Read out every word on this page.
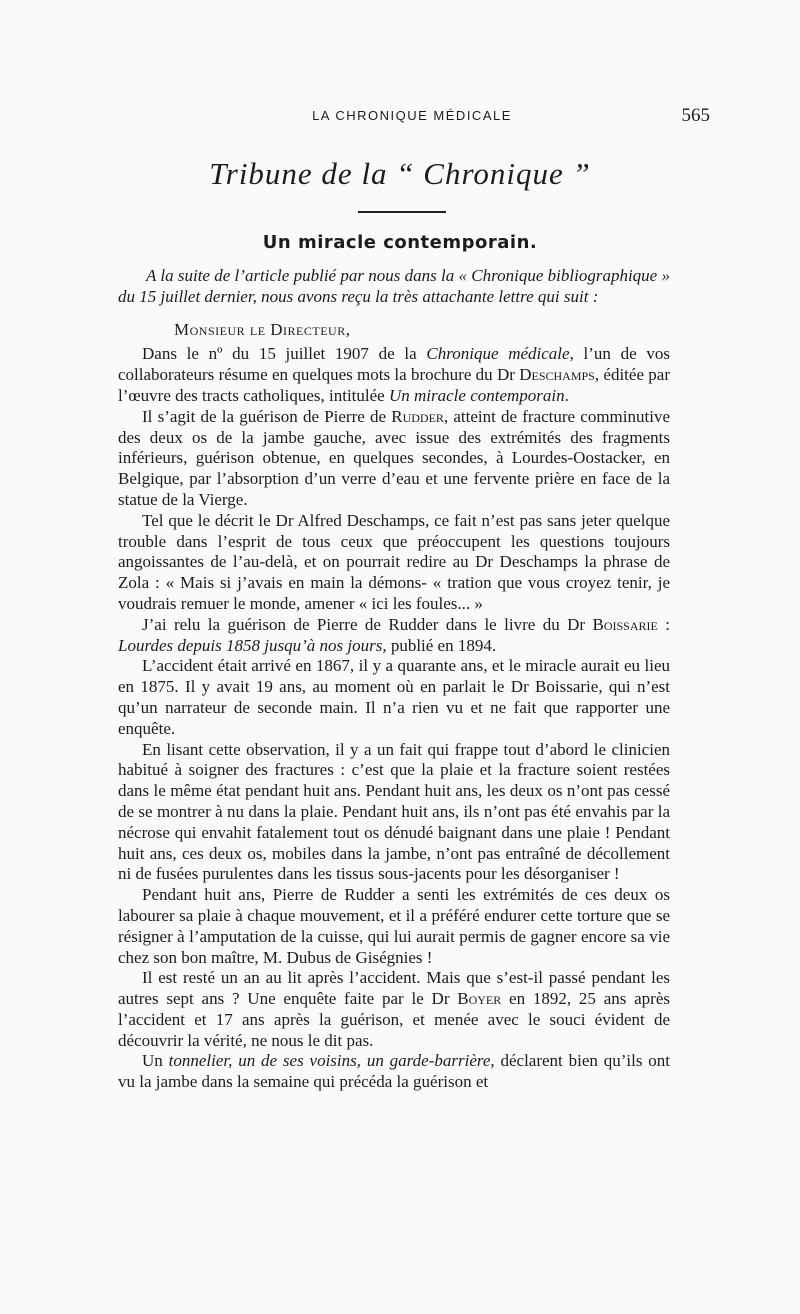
LA CHRONIQUE MÉDICALE	565
Tribune de la “ Chronique ”
Un miracle contemporain.

A la suite de l’article publié par nous dans la « Chronique bibliographique » du 15 juillet dernier, nous avons reçu la très attachante lettre qui suit :

Monsieur le Directeur,

Dans le nº du 15 juillet 1907 de la Chronique médicale, l’un de vos collaborateurs résume en quelques mots la brochure du Dr Deschamps, éditée par l’œuvre des tracts catholiques, intitulée Un miracle contemporain.

Il s’agit de la guérison de Pierre de Rudder, atteint de fracture comminutive des deux os de la jambe gauche, avec issue des extrémités des fragments inférieurs, guérison obtenue, en quelques secondes, à Lourdes-Oostacker, en Belgique, par l’absorption d’un verre d’eau et une fervente prière en face de la statue de la Vierge.

Tel que le décrit le Dr Alfred Deschamps, ce fait n’est pas sans jeter quelque trouble dans l’esprit de tous ceux que préoccupent les questions toujours angoissantes de l’au-delà, et on pourrait redire au Dr Deschamps la phrase de Zola : « Mais si j’avais en main la démons- « tration que vous croyez tenir, je voudrais remuer le monde, amener « ici les foules... »

J’ai relu la guérison de Pierre de Rudder dans le livre du Dr Boissarie : Lourdes depuis 1858 jusqu’à nos jours, publié en 1894.

L’accident était arrivé en 1867, il y a quarante ans, et le miracle aurait eu lieu en 1875. Il y avait 19 ans, au moment où en parlait le Dr Boissarie, qui n’est qu’un narrateur de seconde main. Il n’a rien vu et ne fait que rapporter une enquête.

En lisant cette observation, il y a un fait qui frappe tout d’abord le clinicien habitué à soigner des fractures : c’est que la plaie et la fracture soient restées dans le même état pendant huit ans. Pendant huit ans, les deux os n’ont pas cessé de se montrer à nu dans la plaie. Pendant huit ans, ils n’ont pas été envahis par la nécrose qui envahit fatalement tout os dénudé baignant dans une plaie ! Pendant huit ans, ces deux os, mobiles dans la jambe, n’ont pas entraîné de décollement ni de fusées purulentes dans les tissus sous-jacents pour les désorganiser !

Pendant huit ans, Pierre de Rudder a senti les extrémités de ces deux os labourer sa plaie à chaque mouvement, et il a préféré endurer cette torture que se résigner à l’amputation de la cuisse, qui lui aurait permis de gagner encore sa vie chez son bon maître, M. Dubus de Giségnies !

Il est resté un an au lit après l’accident. Mais que s’est-il passé pendant les autres sept ans ? Une enquête faite par le Dr Boyer en 1892, 25 ans après l’accident et 17 ans après la guérison, et menée avec le souci évident de découvrir la vérité, ne nous le dit pas.

Un tonnelier, un de ses voisins, un garde-barrière, déclarent bien qu’ils ont vu la jambe dans la semaine qui précéda la guérison et
